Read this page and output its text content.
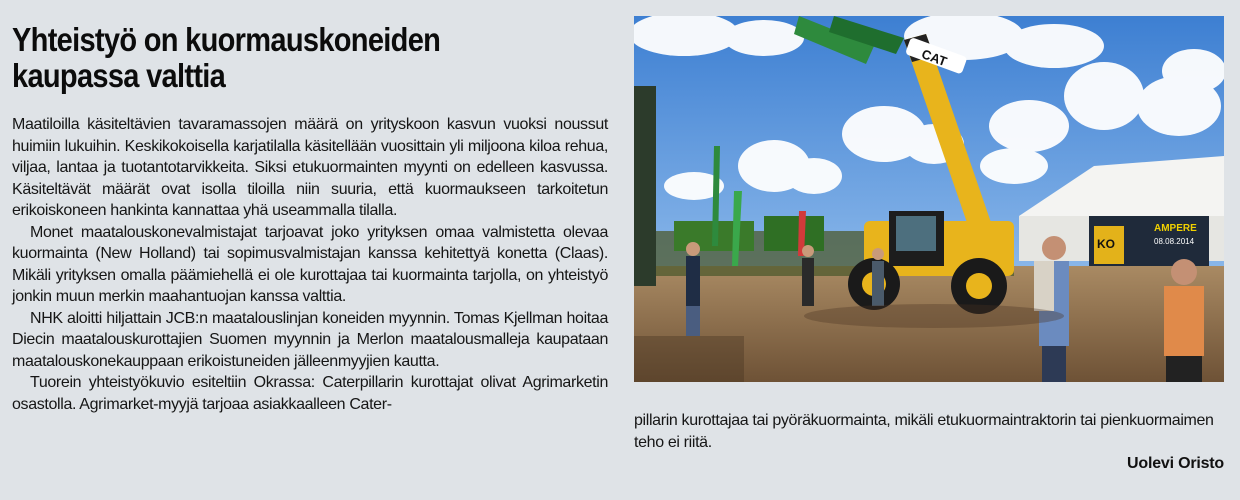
Yhteistyö on kuormauskoneiden
kaupassa valttia

Maatiloilla käsiteltävien tavaramassojen määrä on yrityskoon kasvun vuoksi noussut huimiin lukuihin. Keskikokoisella karjatilalla käsitellään vuosittain yli miljoona kiloa rehua, viljaa, lantaa ja tuotantotarvikkeita. Siksi etukuormainten myynti on edelleen kasvussa. Käsiteltävät määrät ovat isolla tiloilla niin suuria, että kuormaukseen tarkoitetun erikoiskoneen hankinta kannattaa yhä useammalla tilalla.

Monet maatalouskonevalmistajat tarjoavat joko yrityksen omaa valmistetta olevaa kuormainta (New Holland) tai sopimusvalmistajan kanssa kehitettyä konetta (Claas). Mikäli yrityksen omalla päämiehellä ei ole kurottajaa tai kuormainta tarjolla, on yhteistyö jonkin muun merkin maahantuojan kanssa valttia.

NHK aloitti hiljattain JCB:n maatalouslinjan koneiden myynnin. Tomas Kjellman hoitaa Diecin maatalouskurottajien Suomen myynnin ja Merlon maatalousmalleja kaupataan maatalouskonekauppaan erikoistuneiden jälleenmyyjien kautta.

Tuorein yhteistyökuvio esiteltiin Okrassa: Caterpillarin kurottajat olivat Agrimarketin osastolla. Agrimarket-myyjä tarjoaa asiakkaalleen Cater-

AMPERE
08.08.2014
KO
CAT

pillarin kurottajaa tai pyöräkuormainta, mikäli etukuormaintraktorin tai pienkuormaimen teho ei riitä.

Uolevi Oristo
